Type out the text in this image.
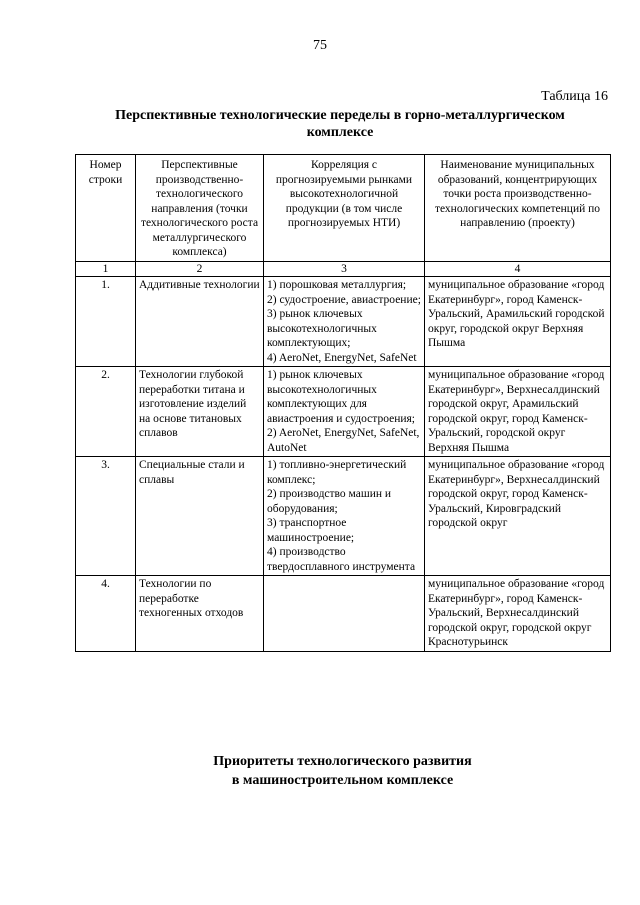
75
Таблица 16
Перспективные технологические переделы в горно-металлургическом
комплексе
Номер строки	Перспективные производственно-технологического направления (точки технологического роста металлургического комплекса)	Корреляция с прогнозируемыми рынками высокотехнологичной продукции (в том числе прогнозируемых НТИ)	Наименование муниципальных образований, концентрирующих точки роста производственно-технологических компетенций по направлению (проекту)
1	2	3	4
1.	Аддитивные технологии	1) порошковая металлургия;
2) судостроение, авиастроение;
3) рынок ключевых высокотехнологичных комплектующих;
4) AeroNet, EnergyNet, SafeNet	муниципальное образование «город Екатеринбург», город Каменск-Уральский, Арамильский городской округ, городской округ Верхняя Пышма
2.	Технологии глубокой переработки титана и изготовление изделий на основе титановых сплавов	1) рынок ключевых высокотехнологичных комплектующих для авиастроения и судостроения;
2) AeroNet, EnergyNet, SafeNet, AutoNet	муниципальное образование «город Екатеринбург», Верхнесалдинский городской округ, Арамильский городской округ, город Каменск-Уральский, городской округ Верхняя Пышма
3.	Специальные стали и сплавы	1) топливно-энергетический комплекс;
2) производство машин и оборудования;
3) транспортное машиностроение;
4) производство твердосплавного инструмента	муниципальное образование «город Екатеринбург», Верхнесалдинский городской округ, город Каменск-Уральский, Кировградский городской округ
4.	Технологии по переработке техногенных отходов		муниципальное образование «город Екатеринбург», город Каменск-Уральский, Верхнесалдинский городской округ, городской округ Краснотурьинск
Приоритеты технологического развития
в машиностроительном комплексе
